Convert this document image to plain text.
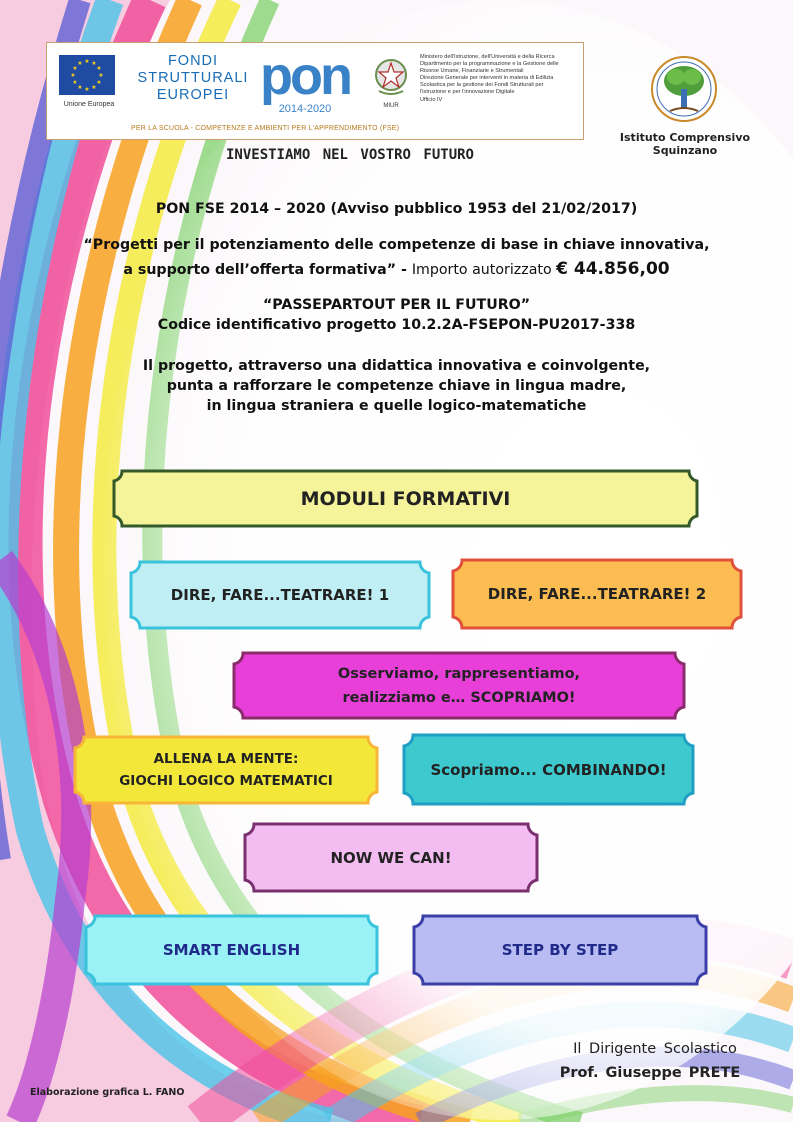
★ ★
★
★
★
★
★
★
★
★
★
★
Unione Europea
FONDI
STRUTTURALI
EUROPEI pon
2014-2020	MIUR
Ministero dell'Istruzione, dell'Università e della Ricerca
Dipartimento per la programmazione e la Gestione delle
Risorse Umane, Finanziarie e Strumentali
Direzione Generale per interventi in materia di Edilizia
Scolastica per la gestione dei Fondi Strutturali per
l'istruzione e per l'innovazione Digitale
Ufficio IV
PER LA SCUOLA - COMPETENZE E AMBIENTI PER L'APPRENDIMENTO (FSE)
Istituto Comprensivo
Squinzano
INVESTIAMO NEL VOSTRO FUTURO
PON FSE 2014 – 2020 (Avviso pubblico 1953 del 21/02/2017)
“Progetti per il potenziamento delle competenze di base in chiave innovativa,
a supporto dell’offerta formativa” - Importo autorizzato € 44.856,00
“PASSEPARTOUT PER IL FUTURO”
Codice identificativo progetto 10.2.2A-FSEPON-PU2017-338
Il progetto, attraverso una didattica innovativa e coinvolgente,
punta a rafforzare le competenze chiave in lingua madre,
in lingua straniera e quelle logico-matematiche
MODULI FORMATIVI
DIRE, FARE...TEATRARE! 1	DIRE, FARE...TEATRARE! 2
Osserviamo, rappresentiamo,
realizziamo e… SCOPRIAMO!
ALLENA LA MENTE:
GIOCHI LOGICO MATEMATICI
Scopriamo... COMBINANDO!
NOW WE CAN!
SMART ENGLISH	STEP BY STEP
Il Dirigente Scolastico
Prof. Giuseppe PRETE
Elaborazione grafica L. FANO
